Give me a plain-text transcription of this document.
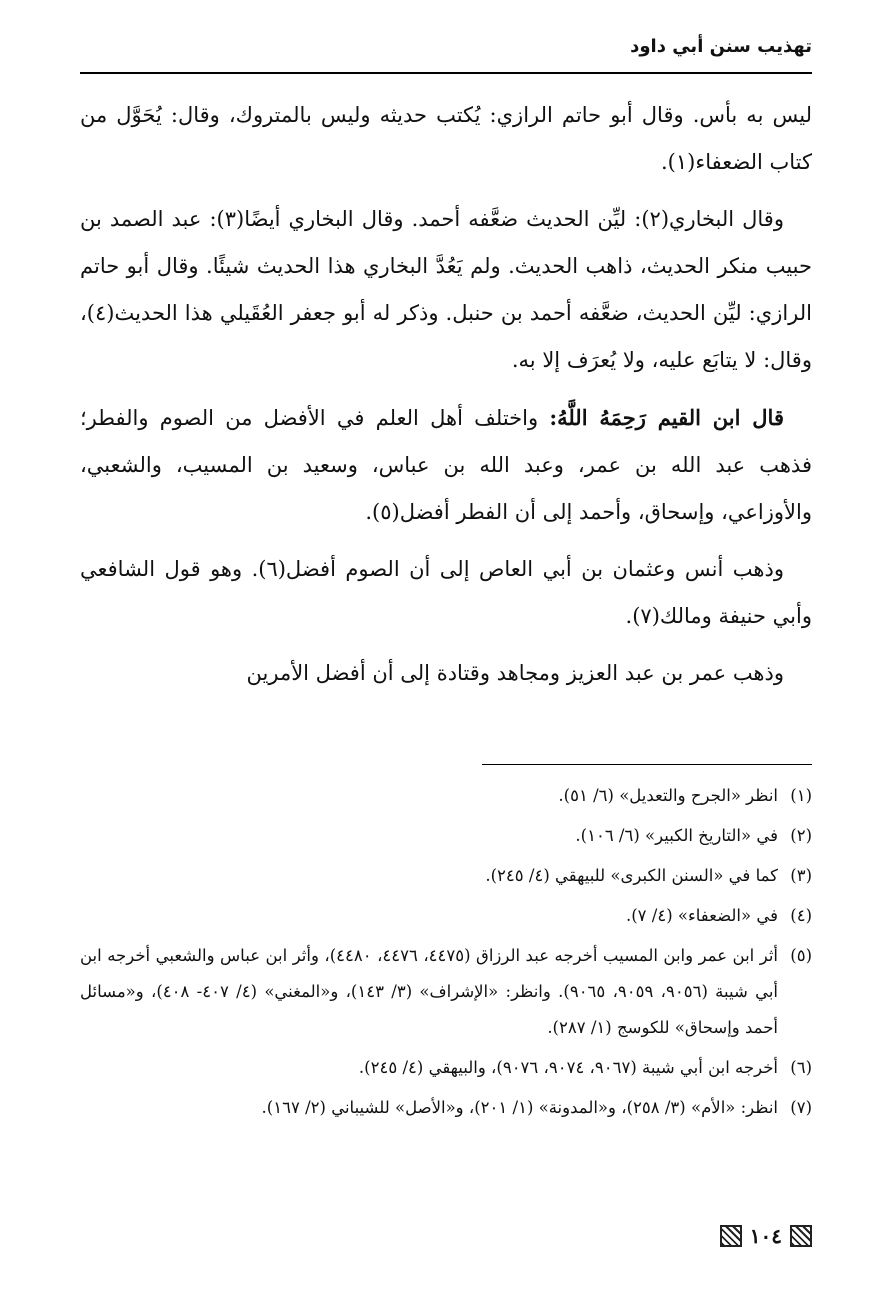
تهذيب سنن أبي داود

ليس به بأس. وقال أبو حاتم الرازي: يُكتب حديثه وليس بالمتروك، وقال: يُحَوَّل من كتاب الضعفاء(١).

وقال البخاري(٢): ليِّن الحديث ضعَّفه أحمد. وقال البخاري أيضًا(٣): عبد الصمد بن حبيب منكر الحديث، ذاهب الحديث. ولم يَعُدَّ البخاري هذا الحديث شيئًا. وقال أبو حاتم الرازي: ليِّن الحديث، ضعَّفه أحمد بن حنبل. وذكر له أبو جعفر العُقَيلي هذا الحديث(٤)، وقال: لا يتابَع عليه، ولا يُعرَف إلا به.

قال ابن القيم رَحِمَهُ اللَّهُ: واختلف أهل العلم في الأفضل من الصوم والفطر؛ فذهب عبد الله بن عمر، وعبد الله بن عباس، وسعيد بن المسيب، والشعبي، والأوزاعي، وإسحاق، وأحمد إلى أن الفطر أفضل(٥).

وذهب أنس وعثمان بن أبي العاص إلى أن الصوم أفضل(٦). وهو قول الشافعي وأبي حنيفة ومالك(٧).

وذهب عمر بن عبد العزيز ومجاهد وقتادة إلى أن أفضل الأمرين

(١)
انظر «الجرح والتعديل» (٦/ ٥١).
(٢)
في «التاريخ الكبير» (٦/ ١٠٦).
(٣)
كما في «السنن الكبرى» للبيهقي (٤/ ٢٤٥).
(٤)
في «الضعفاء» (٤/ ٧).
(٥)
أثر ابن عمر وابن المسيب أخرجه عبد الرزاق (٤٤٧٥، ٤٤٧٦، ٤٤٨٠)، وأثر ابن عباس والشعبي أخرجه ابن أبي شيبة (٩٠٥٦، ٩٠٥٩، ٩٠٦٥). وانظر: «الإشراف» (٣/ ١٤٣)، و«المغني» (٤/ ٤٠٧- ٤٠٨)، و«مسائل أحمد وإسحاق» للكوسج (١/ ٢٨٧).
(٦)
أخرجه ابن أبي شيبة (٩٠٦٧، ٩٠٧٤، ٩٠٧٦)، والبيهقي (٤/ ٢٤٥).
(٧)
انظر: «الأم» (٣/ ٢٥٨)، و«المدونة» (١/ ٢٠١)، و«الأصل» للشيباني (٢/ ١٦٧).
١٠٤
